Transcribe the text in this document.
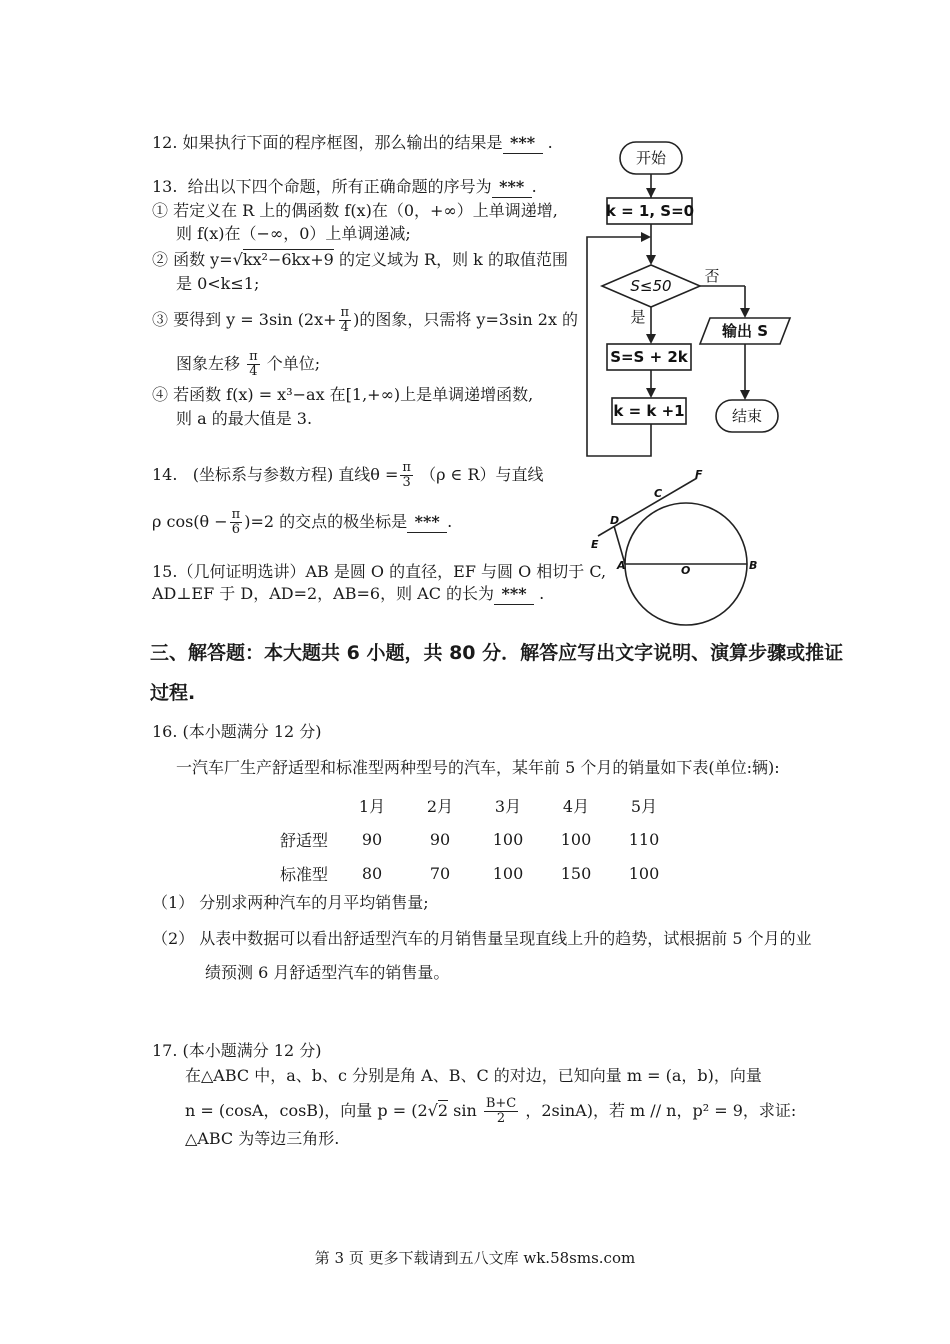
12. 如果执行下面的程序框图，那么输出的结果是 *** .
13. 给出以下四个命题，所有正确命题的序号为 *** .
① 若定义在 R 上的偶函数 f(x)在（0，+∞）上单调递增,
则 f(x)在（−∞，0）上单调递减;
② 函数 y=√kx²−6kx+9 的定义域为 R，则 k 的取值范围
是 0<k≤1;
③ 要得到 y = 3sin ($2x+ \frac{\pi}{4}$ )的图象，只需将 y=3sin 2x 的
图象左移 $\frac{\pi}{4}$ 个单位;
④ 若函数 f(x) = x³−ax 在[1,+∞)上是单调递增函数,
则 a 的最大值是 3.
14. (坐标系与参数方程) 直线$\theta = \frac{\pi}{3} (\rho$ ∈ R）与直线
ρ $\cos(\theta - \frac{\pi}{6} )=2$ 的交点的极坐标是 *** .
15.（几何证明选讲）AB 是圆 O 的直径，EF 与圆 O 相切于 C,
AD⊥EF 于 D，AD=2，AB=6，则 AC 的长为 *** .
开始
k = 1, S=0
S≤50
否
是
输出 S
S=S + 2k
k = k +1	结束
F
C
D
E
A	O	B
三、解答题：本大题共 6 小题，共 80 分．解答应写出文字说明、演算步骤或推证
过程.
16. (本小题满分 12 分)
一汽车厂生产舒适型和标准型两种型号的汽车，某年前 5 个月的销量如下表(单位:辆):
	1月	2月	3月	4月	5月
舒适型	90	90	100	100	110
标准型	80	70	100	150	100
（1） 分别求两种汽车的月平均销售量;
（2） 从表中数据可以看出舒适型汽车的月销售量呈现直线上升的趋势，试根据前 5 个月的业
绩预测 6 月舒适型汽车的销售量。
17. (本小题满分 12 分)
在△ABC 中，a、b、c 分别是角 A、B、C 的对边，已知向量 m = (a，b)，向量
n = (cosA，cosB)，向量 p = (2√2 $\sin \frac{B+C}{2}$ ，2sinA)，若 m // n，p² = 9，求证:
△ABC 为等边三角形.
第 3 页 更多下载请到五八文库 wk.58sms.com
